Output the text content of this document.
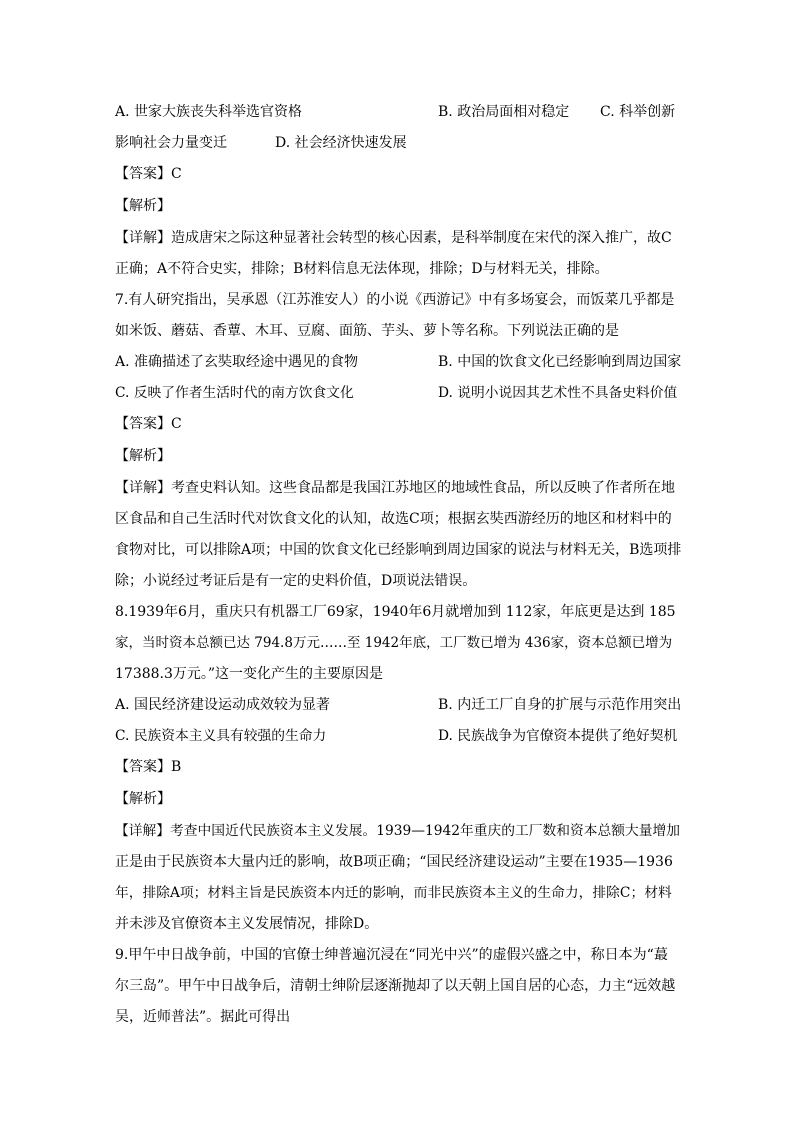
A. 世家大族丧失科举选官资格	B. 政治局面相对稳定 C. 科举创新
影响社会力量变迁	D. 社会经济快速发展
【答案】C
【解析】
【详解】造成唐宋之际这种显著社会转型的核心因素，是科举制度在宋代的深入推广，故C
正确；A不符合史实，排除；B材料信息无法体现，排除；D与材料无关，排除。
7.有人研究指出，吴承恩（江苏淮安人）的小说《西游记》中有多场宴会，而饭菜几乎都是
如米饭、蘑菇、香蕈、木耳、豆腐、面筋、芋头、萝卜等名称。下列说法正确的是
A. 准确描述了玄奘取经途中遇见的食物	B. 中国的饮食文化已经影响到周边国家
C. 反映了作者生活时代的南方饮食文化	D. 说明小说因其艺术性不具备史料价值
【答案】C
【解析】
【详解】考查史料认知。这些食品都是我国江苏地区的地域性食品，所以反映了作者所在地
区食品和自己生活时代对饮食文化的认知，故选C项；根据玄奘西游经历的地区和材料中的
食物对比，可以排除A项；中国的饮食文化已经影响到周边国家的说法与材料无关，B选项排
除；小说经过考证后是有一定的史料价值，D项说法错误。
8.1939年6月，重庆只有机器工厂69家，1940年6月就增加到 112家，年底更是达到 185
家，当时资本总额已达 794.8万元……至 1942年底，工厂数已增为 436家，资本总额已增为
17388.3万元。”这一变化产生的主要原因是
A. 国民经济建设运动成效较为显著	B. 内迁工厂自身的扩展与示范作用突出
C. 民族资本主义具有较强的生命力	D. 民族战争为官僚资本提供了绝好契机
【答案】B
【解析】
【详解】考查中国近代民族资本主义发展。1939—1942年重庆的工厂数和资本总额大量增加
正是由于民族资本大量内迁的影响，故B项正确；“国民经济建设运动”主要在1935—1936
年，排除A项；材料主旨是民族资本内迁的影响，而非民族资本主义的生命力，排除C；材料
并未涉及官僚资本主义发展情况，排除D。
9.甲午中日战争前，中国的官僚士绅普遍沉浸在“同光中兴”的虚假兴盛之中，称日本为“蕞
尔三岛”。甲午中日战争后，清朝士绅阶层逐渐抛却了以天朝上国自居的心态，力主“远效越
吴，近师普法”。据此可得出
